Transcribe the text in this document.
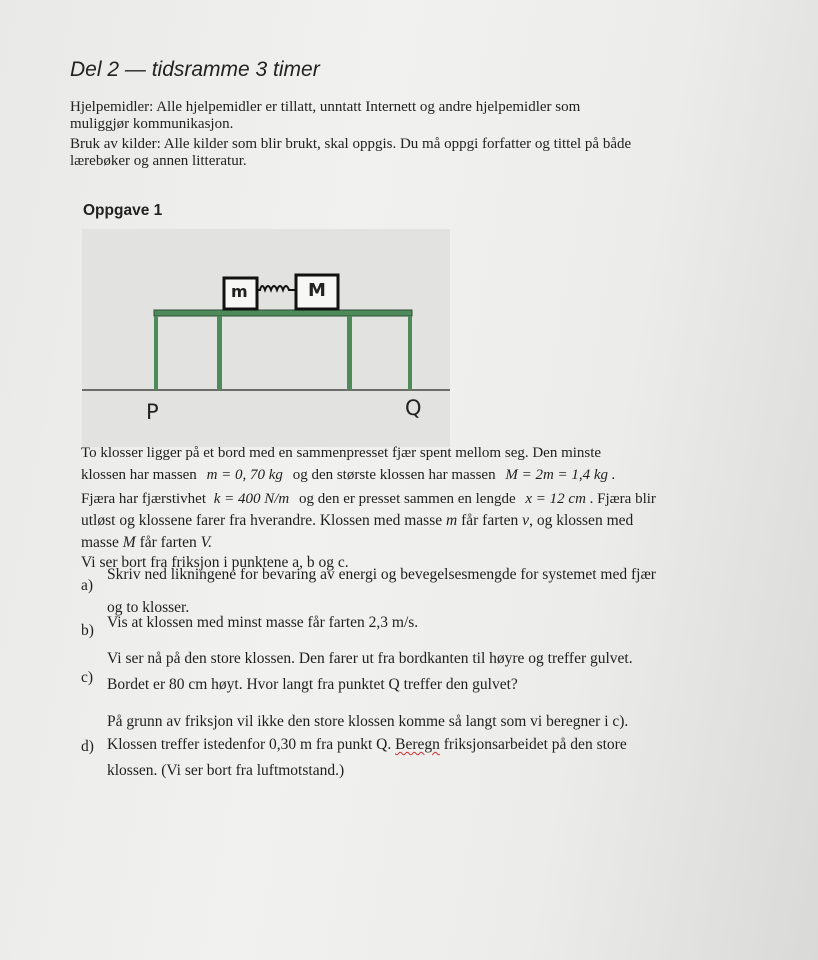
Del 2 — tidsramme 3 timer
Hjelpemidler: Alle hjelpemidler er tillatt, unntatt Internett og andre hjelpemidler som
muliggjør kommunikasjon.
Bruk av kilder: Alle kilder som blir brukt, skal oppgis. Du må oppgi forfatter og tittel på både
lærebøker og annen litteratur.
Oppgave 1
m	M
P	Q
To klosser ligger på et bord med en sammenpresset fjær spent mellom seg. Den minste
klossen har massen m = 0, 70 kg og den største klossen har massen M = 2m = 1,4 kg .
Fjæra har fjærstivhet k = 400 N/m og den er presset sammen en lengde x = 12 cm . Fjæra blir
utløst og klossene farer fra hverandre. Klossen med masse m får farten v, og klossen med
masse M får farten V.
Vi ser bort fra friksjon i punktene a, b og c.
a)
Skriv ned likningene for bevaring av energi og bevegelsesmengde for systemet med fjær
og to klosser.
b) Vis at klossen med minst masse får farten 2,3 m/s.
c)
Vi ser nå på den store klossen. Den farer ut fra bordkanten til høyre og treffer gulvet.
Bordet er 80 cm høyt. Hvor langt fra punktet Q treffer den gulvet?
d)
På grunn av friksjon vil ikke den store klossen komme så langt som vi beregner i c).
Klossen treffer istedenfor 0,30 m fra punkt Q. Beregn friksjonsarbeidet på den store
klossen. (Vi ser bort fra luftmotstand.)
